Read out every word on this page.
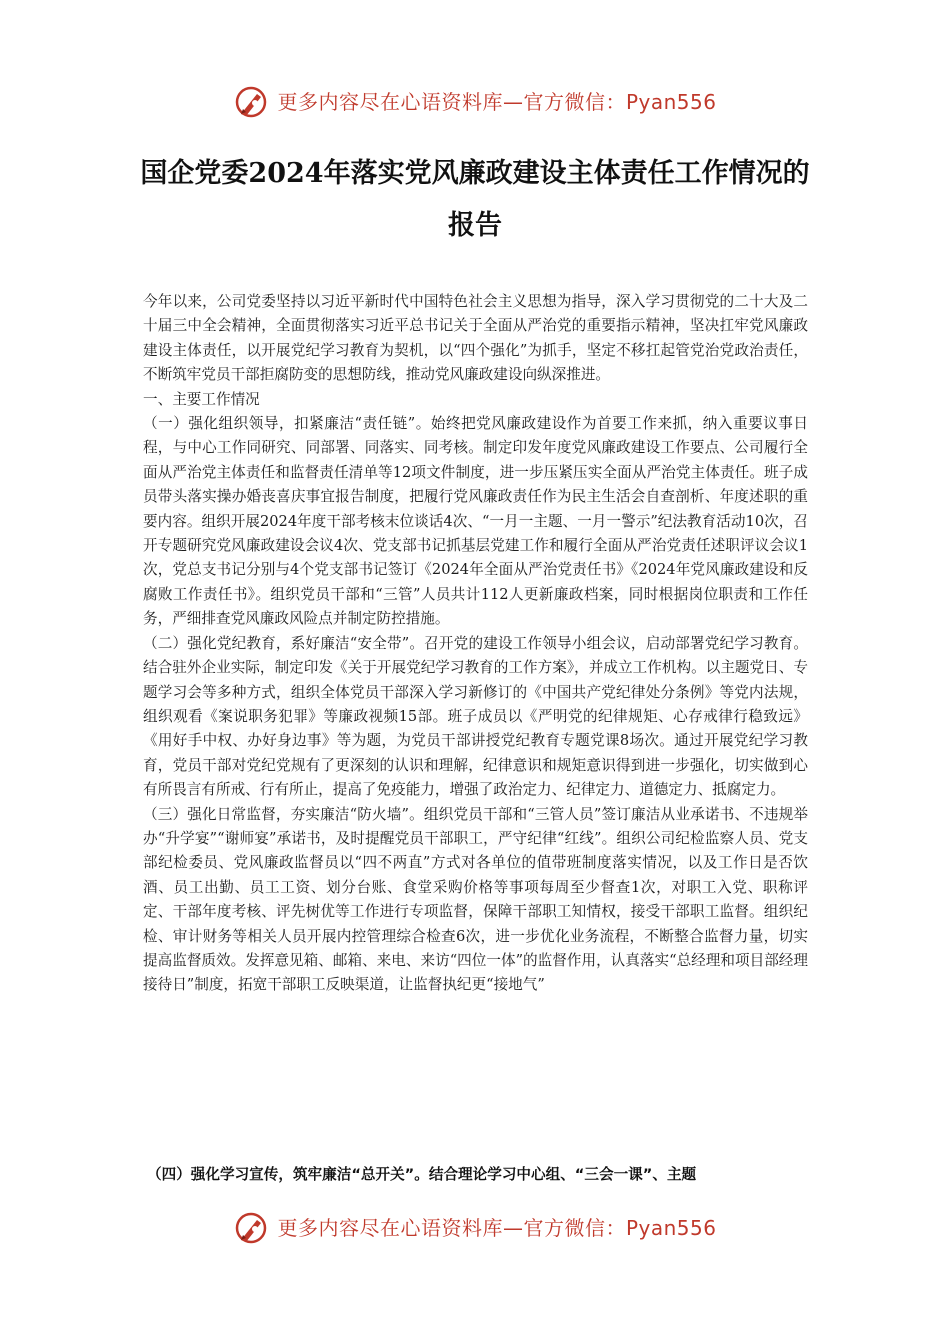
更多内容尽在心语资料库—官方微信：Pyan556
国企党委2024年落实党风廉政建设主体责任工作情况的报告

今年以来，公司党委坚持以习近平新时代中国特色社会主义思想为指导，深入学习贯彻党的二十大及二十届三中全会精神，全面贯彻落实习近平总书记关于全面从严治党的重要指示精神，坚决扛牢党风廉政建设主体责任，以开展党纪学习教育为契机，以“四个强化”为抓手，坚定不移扛起管党治党政治责任，不断筑牢党员干部拒腐防变的思想防线，推动党风廉政建设向纵深推进。

一、主要工作情况

（一）强化组织领导，扣紧廉洁“责任链”。始终把党风廉政建设作为首要工作来抓，纳入重要议事日程，与中心工作同研究、同部署、同落实、同考核。制定印发年度党风廉政建设工作要点、公司履行全面从严治党主体责任和监督责任清单等12项文件制度，进一步压紧压实全面从严治党主体责任。班子成员带头落实操办婚丧喜庆事宜报告制度，把履行党风廉政责任作为民主生活会自查剖析、年度述职的重要内容。组织开展2024年度干部考核末位谈话4次、“一月一主题、一月一警示”纪法教育活动10次，召开专题研究党风廉政建设会议4次、党支部书记抓基层党建工作和履行全面从严治党责任述职评议会议1次，党总支书记分别与4个党支部书记签订《2024年全面从严治党责任书》《2024年党风廉政建设和反腐败工作责任书》。组织党员干部和“三管”人员共计112人更新廉政档案，同时根据岗位职责和工作任务，严细排查党风廉政风险点并制定防控措施。

（二）强化党纪教育，系好廉洁“安全带”。召开党的建设工作领导小组会议，启动部署党纪学习教育。结合驻外企业实际，制定印发《关于开展党纪学习教育的工作方案》，并成立工作机构。以主题党日、专题学习会等多种方式，组织全体党员干部深入学习新修订的《中国共产党纪律处分条例》等党内法规，组织观看《案说职务犯罪》等廉政视频15部。班子成员以《严明党的纪律规矩、心存戒律行稳致远》《用好手中权、办好身边事》等为题，为党员干部讲授党纪教育专题党课8场次。通过开展党纪学习教育，党员干部对党纪党规有了更深刻的认识和理解，纪律意识和规矩意识得到进一步强化，切实做到心有所畏言有所戒、行有所止，提高了免疫能力，增强了政治定力、纪律定力、道德定力、抵腐定力。

（三）强化日常监督，夯实廉洁“防火墙”。组织党员干部和“三管人员”签订廉洁从业承诺书、不违规举办“升学宴”“谢师宴”承诺书，及时提醒党员干部职工，严守纪律“红线”。组织公司纪检监察人员、党支部纪检委员、党风廉政监督员以“四不两直”方式对各单位的值带班制度落实情况，以及工作日是否饮酒、员工出勤、员工工资、划分台账、食堂采购价格等事项每周至少督查1次，对职工入党、职称评定、干部年度考核、评先树优等工作进行专项监督，保障干部职工知情权，接受干部职工监督。组织纪检、审计财务等相关人员开展内控管理综合检查6次，进一步优化业务流程，不断整合监督力量，切实提高监督质效。发挥意见箱、邮箱、来电、来访“四位一体”的监督作用，认真落实“总经理和项目部经理接待日”制度，拓宽干部职工反映渠道，让监督执纪更“接地气”

（四）强化学习宣传，筑牢廉洁“总开关”。结合理论学习中心组、“三会一课”、主题

更多内容尽在心语资料库—官方微信：Pyan556
